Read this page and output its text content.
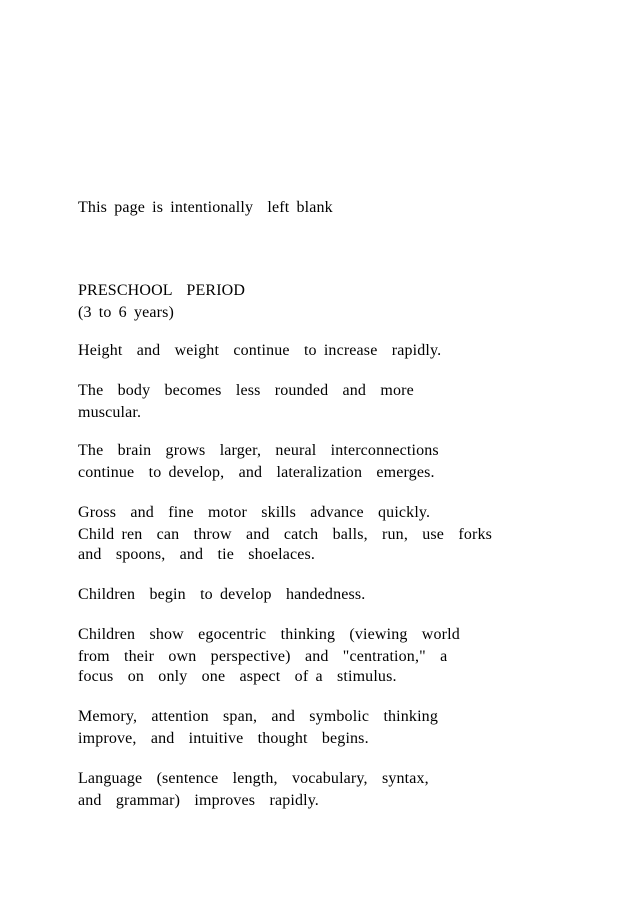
This page is intentionally  left blank

PRESCHOOL  PERIOD

(3 to 6 years)

Height  and  weight  continue  to increase  rapidly.

The  body  becomes  less  rounded  and  more

muscular.

The  brain  grows  larger,  neural  interconnections

continue  to develop,  and  lateralization  emerges.

Gross  and  fine  motor  skills  advance  quickly.

Child ren  can  throw  and  catch  balls,  run,  use  forks

and  spoons,  and  tie  shoelaces.

Children  begin  to develop  handedness.

Children  show  egocentric  thinking  (viewing  world

from  their  own  perspective)  and  "centration,"  a

focus  on  only  one  aspect  of a  stimulus.

Memory,  attention  span,  and  symbolic  thinking

improve,  and  intuitive  thought  begins.

Language  (sentence  length,  vocabulary,  syntax,

and  grammar)  improves  rapidly.
